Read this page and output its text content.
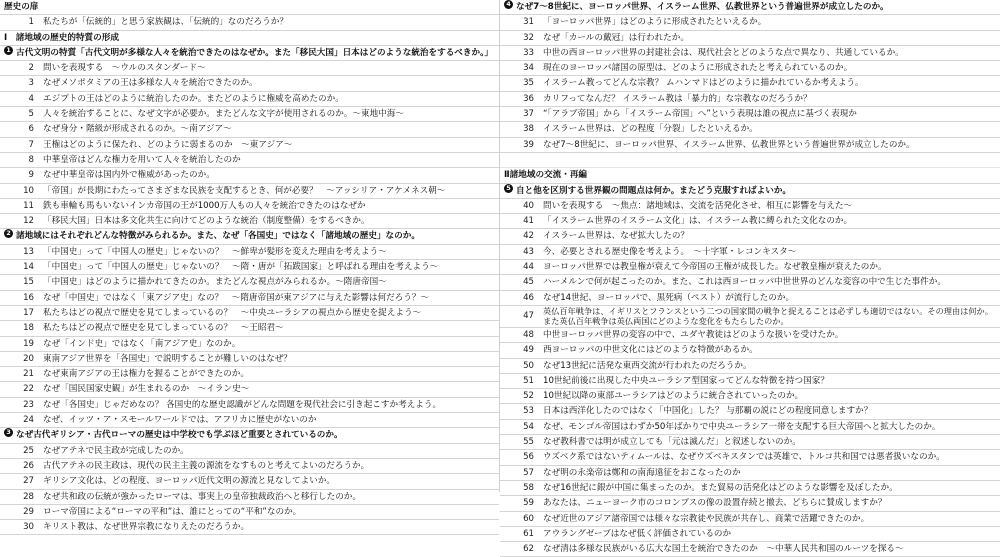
歴史の扉
1	私たちが「伝統的」と思う家族観は、「伝統的」なのだろうか？
Ⅰ　諸地域の歴史的特質の形成
1 古代文明の特質「古代文明が多様な人々を統治できたのはなぜか。また「移民大国」日本はどのような統治をするべきか。」
2	問いを表現する　〜ウルのスタンダード〜
3	なぜメソポタミアの王は多様な人々を統治できたのか。
4	エジプトの王はどのように統治したのか。またどのように権威を高めたのか。
5	人々を統治することに、なぜ文字が必要か。またどんな文字が使用されるのか。〜東地中海〜
6	なぜ身分・階級が形成されるのか。〜南アジア〜
7	王権はどのように保たれ、どのように弱まるのか　〜東アジア〜
8	中華皇帝はどんな権力を用いて人々を統治したのか
9	なぜ中華皇帝は国内外で権威があったのか。
10	「帝国」が長期にわたってさまざまな民族を支配するとき、何が必要？　〜アッシリア・アケメネス朝〜
11	鉄も車輪も馬もいないインカ帝国の王が1000万人もの人々を統治できたのはなぜか
12	「移民大国」日本は多文化共生に向けてどのような統治（制度整備）をするべきか。
2 諸地域にはそれぞれどんな特徴がみられるか。また、なぜ「各国史」ではなく「諸地域の歴史」なのか。
13	「中国史」って「中国人の歴史」じゃないの？　〜鮮卑が髪形を変えた理由を考えよう〜
14	「中国史」って「中国人の歴史」じゃないの？　〜隋・唐が「拓跋国家」と呼ばれる理由を考えよう〜
15	「中国史」はどのように描かれてきたのか。またどんな視点がみられるか。〜隋唐帝国〜
16	なぜ「中国史」ではなく「東アジア史」なの？　〜隋唐帝国が東アジアに与えた影響は何だろう？〜
17	私たちはどの視点で歴史を見てしまっているの？　〜中央ユーラシアの視点から歴史を捉えよう〜
18	私たちはどの視点で歴史を見てしまっているの？　〜王昭君〜
19	なぜ「インド史」ではなく「南アジア史」なのか。
20	東南アジア世界を「各国史」で説明することが難しいのはなぜ？
21	なぜ東南アジアの王は権力を握ることができたのか。
22	なぜ「国民国家史観」が生まれるのか　〜イラン史〜
23	なぜ「各国史」じゃだめなの？ 各国史的な歴史認識がどんな問題を現代社会に引き起こすか考えよう。
24	なぜ、イッツ・ア・スモールワールドでは、アフリカに歴史がないのか
3 なぜ古代ギリシア・古代ローマの歴史は中学校でも学ぶほど重要とされているのか。
25	なぜアテネで民主政が完成したのか。
26	古代アテネの民主政は、現代の民主主義の源流をなすものと考えてよいのだろうか。
27	ギリシア文化は、どの程度、ヨーロッパ近代文明の源流と見なしてよいか。
28	なぜ共和政の伝統が強かったローマは、事実上の皇帝独裁政治へと移行したのか。
29	ローマ帝国による“ローマの平和”は、誰にとっての“平和”なのか。
30	キリスト教は、なぜ世界宗教になりえたのだろうか。
4 なぜ7〜8世紀に、ヨーロッパ世界、イスラーム世界、仏教世界という普遍世界が成立したのか。
31	「ヨーロッパ世界」はどのように形成されたといえるか。
32	なぜ「カールの戴冠」は行われたか。
33	中世の西ヨーロッパ世界の封建社会は、現代社会とどのような点で異なり、共通しているか。
34	現在のヨーロッパ諸国の原型は、どのように形成されたと考えられているのか。
35	イスラーム教ってどんな宗教？ ムハンマドはどのように描かれているか考えよう。
36	カリフってなんだ？ イスラーム教は「暴力的」な宗教なのだろうか？
37	“「アラブ帝国」から「イスラーム帝国」へ”という表現は誰の視点に基づく表現か
38	イスラーム世界は、どの程度「分裂」したといえるか。
39	なぜ7〜8世紀に、ヨーロッパ世界、イスラーム世界、仏教世界という普遍世界が成立したのか。
Ⅱ諸地域の交流・再編
5 自と他を区別する世界観の問題点は何か。またどう克服すればよいか。
40	問いを表現する　〜焦点：諸地域は、交流を活発化させ、相互に影響を与えた〜
41	「イスラーム世界のイスラーム文化」は、イスラーム教に縛られた文化なのか。
42	イスラーム世界は、なぜ拡大したの？
43	今、必要とされる歴史像を考えよう。　〜十字軍・レコンキスタ〜
44	ヨーロッパ世界では教皇権が衰えて今帝国の王権が成長した。なぜ教皇権が衰えたのか。
45	ハーメルンで何が起こったのか。また、これは西ヨーロッパ中世世界のどんな変容の中で生じた事件か。
46	なぜ14世紀、ヨーロッパで、黒死病（ペスト）が流行したのか。
47	英仏百年戦争は、イギリスとフランスという二つの国家間の戦争と捉えることは必ずしも適切ではない。その理由は何か。また英仏百年戦争は英仏両国にどのような変化をもたらしたのか。
48	中世ヨーロッパ世界の変容の中で、ユダヤ教徒はどのような扱いを受けたか。
49	西ヨーロッパの中世文化にはどのような特徴があるか。
50	なぜ13世紀に活発な東西交流が行われたのだろうか。
51	10世紀前後に出現した中央ユーラシア型国家ってどんな特徴を持つ国家？
52	10世紀以降の東部ユーラシアはどのように統合されていったのか。
53	日本は西洋化したのではなく「中国化」した？ 与那覇の説にどの程度同意しますか？
54	なぜ、モンゴル帝国はわずか50年ばかりで中央ユーラシア一帯を支配する巨大帝国へと拡大したのか。
55	なぜ教科書では明が成立しても「元は滅んだ」と叙述しないのか。
56	ウズベク系ではないティムールは、なぜウズベキスタンでは英雄で、トルコ共和国では悪者扱いなのか。
57	なぜ明の永楽帝は鄭和の南海遠征をおこなったのか
58	なぜ16世紀に銀が中国に集まったのか。また貿易の活発化はどのような影響を及ぼしたか。
59	あなたは、ニューヨーク市のコロンブスの像の設置存続と撤去、どちらに賛成しますか？
60	なぜ近世のアジア諸帝国では様々な宗教徒や民族が共存し、商業で活躍できたのか。
61	アウラングゼーブはなぜ低く評価されているのか
62	なぜ清は多様な民族がいる広大な国土を統治できたのか　〜中華人民共和国のルーツを探る〜
